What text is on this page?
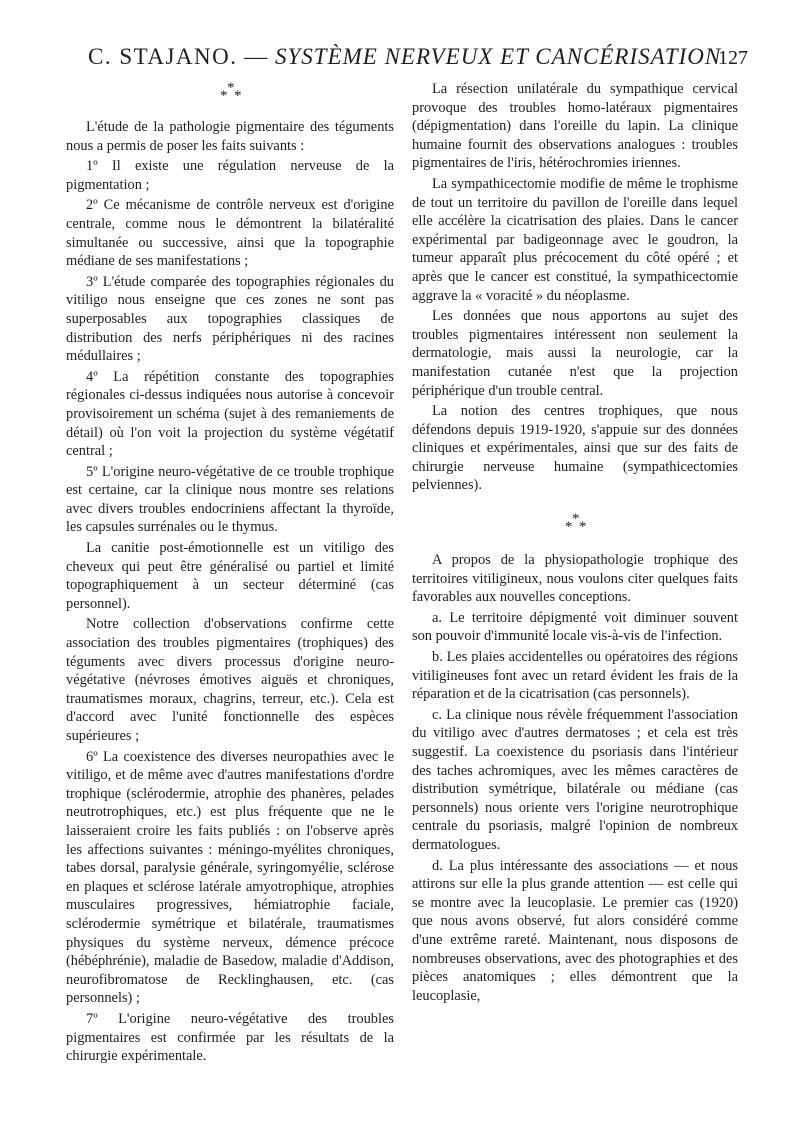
C. STAJANO. — SYSTÈME NERVEUX ET CANCÉRISATION
127
*
* *

L'étude de la pathologie pigmentaire des téguments nous a permis de poser les faits suivants :

1º Il existe une régulation nerveuse de la pigmentation ;

2º Ce mécanisme de contrôle nerveux est d'origine centrale, comme nous le démontrent la bilatéralité simultanée ou successive, ainsi que la topographie médiane de ses manifestations ;

3º L'étude comparée des topographies régionales du vitiligo nous enseigne que ces zones ne sont pas superposables aux topographies classiques de distribution des nerfs périphériques ni des racines médullaires ;

4º La répétition constante des topographies régionales ci-dessus indiquées nous autorise à concevoir provisoirement un schéma (sujet à des remaniements de détail) où l'on voit la projection du système végétatif central ;

5º L'origine neuro-végétative de ce trouble trophique est certaine, car la clinique nous montre ses relations avec divers troubles endocriniens affectant la thyroïde, les capsules surrénales ou le thymus.

La canitie post-émotionnelle est un vitiligo des cheveux qui peut être généralisé ou partiel et limité topographiquement à un secteur déterminé (cas personnel).

Notre collection d'observations confirme cette association des troubles pigmentaires (trophiques) des téguments avec divers processus d'origine neuro-végétative (névroses émotives aiguës et chroniques, traumatismes moraux, chagrins, terreur, etc.). Cela est d'accord avec l'unité fonctionnelle des espèces supérieures ;

6º La coexistence des diverses neuropathies avec le vitiligo, et de même avec d'autres manifestations d'ordre trophique (sclérodermie, atrophie des phanères, pelades neutrotrophiques, etc.) est plus fréquente que ne le laisseraient croire les faits publiés : on l'observe après les affections suivantes : méningo-myélites chroniques, tabes dorsal, paralysie générale, syringomyélie, sclérose en plaques et sclérose latérale amyotrophique, atrophies musculaires progressives, hémiatrophie faciale, sclérodermie symétrique et bilatérale, traumatismes physiques du système nerveux, démence précoce (hébéphrénie), maladie de Basedow, maladie d'Addison, neurofibromatose de Recklinghausen, etc. (cas personnels) ;

7º L'origine neuro-végétative des troubles pigmentaires est confirmée par les résultats de la chirurgie expérimentale.

La résection unilatérale du sympathique cervical provoque des troubles homo-latéraux pigmentaires (dépigmentation) dans l'oreille du lapin. La clinique humaine fournit des observations analogues : troubles pigmentaires de l'iris, hétérochromies iriennes.

La sympathicectomie modifie de même le trophisme de tout un territoire du pavillon de l'oreille dans lequel elle accélère la cicatrisation des plaies. Dans le cancer expérimental par badigeonnage avec le goudron, la tumeur apparaît plus précocement du côté opéré ; et après que le cancer est constitué, la sympathicectomie aggrave la « voracité » du néoplasme.

Les données que nous apportons au sujet des troubles pigmentaires intéressent non seulement la dermatologie, mais aussi la neurologie, car la manifestation cutanée n'est que la projection périphérique d'un trouble central.

La notion des centres trophiques, que nous défendons depuis 1919-1920, s'appuie sur des données cliniques et expérimentales, ainsi que sur des faits de chirurgie nerveuse humaine (sympathicectomies pelviennes).

*
* *

A propos de la physiopathologie trophique des territoires vitiligineux, nous voulons citer quelques faits favorables aux nouvelles conceptions.

a. Le territoire dépigmenté voit diminuer souvent son pouvoir d'immunité locale vis-à-vis de l'infection.

b. Les plaies accidentelles ou opératoires des régions vitiligineuses font avec un retard évident les frais de la réparation et de la cicatrisation (cas personnels).

c. La clinique nous révèle fréquemment l'association du vitiligo avec d'autres dermatoses ; et cela est très suggestif. La coexistence du psoriasis dans l'intérieur des taches achromiques, avec les mêmes caractères de distribution symétrique, bilatérale ou médiane (cas personnels) nous oriente vers l'origine neurotrophique centrale du psoriasis, malgré l'opinion de nombreux dermatologues.

d. La plus intéressante des associations — et nous attirons sur elle la plus grande attention — est celle qui se montre avec la leucoplasie. Le premier cas (1920) que nous avons observé, fut alors considéré comme d'une extrême rareté. Maintenant, nous disposons de nombreuses observations, avec des photographies et des pièces anatomiques ; elles démontrent que la leucoplasie,
